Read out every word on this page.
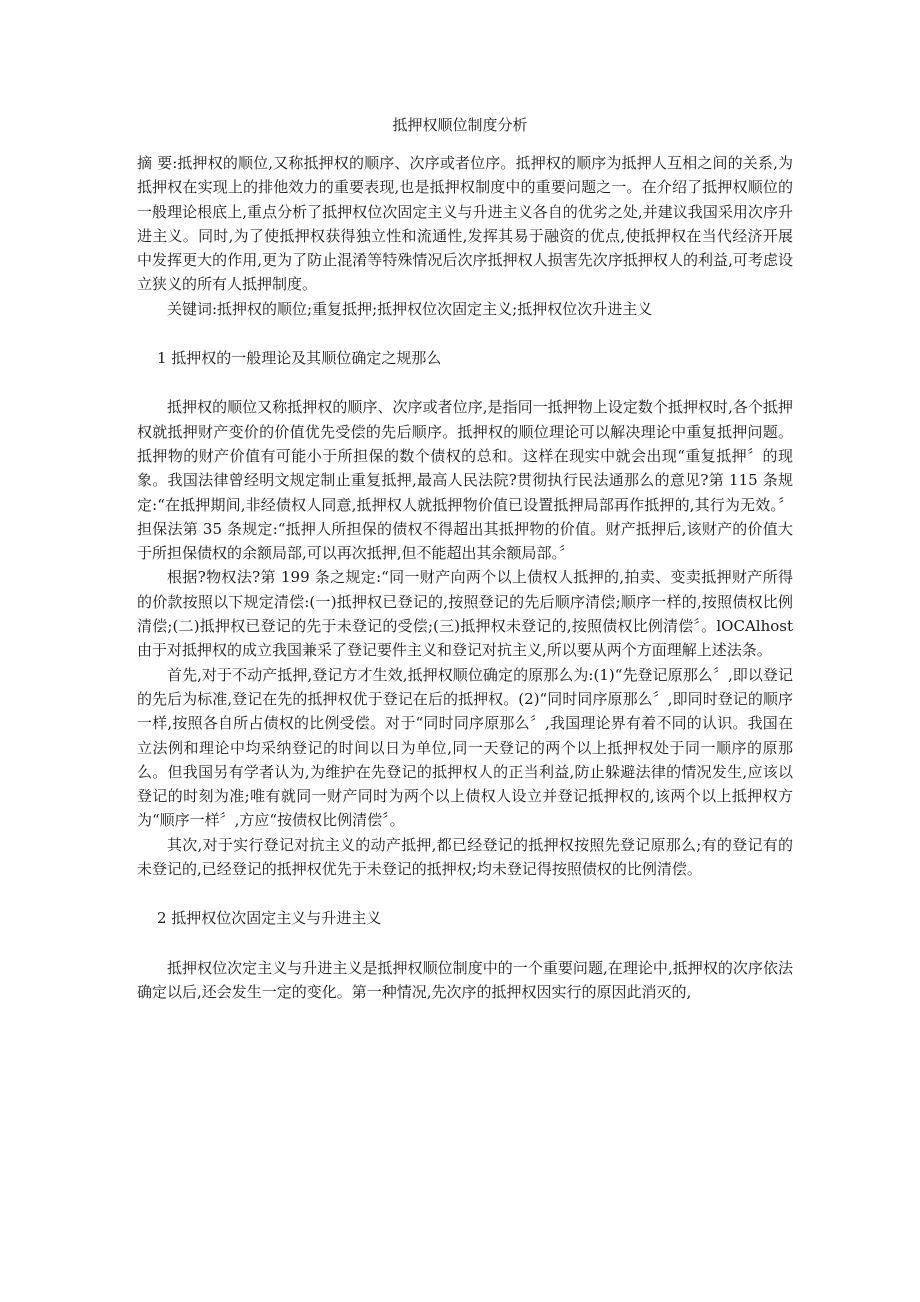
抵押权顺位制度分析

摘 要:抵押权的顺位,又称抵押权的顺序、次序或者位序。抵押权的顺序为抵押人互相之间的关系,为抵押权在实现上的排他效力的重要表现,也是抵押权制度中的重要问题之一。在介绍了抵押权顺位的一般理论根底上,重点分析了抵押权位次固定主义与升进主义各自的优劣之处,并建议我国采用次序升进主义。同时,为了使抵押权获得独立性和流通性,发挥其易于融资的优点,使抵押权在当代经济开展中发挥更大的作用,更为了防止混淆等特殊情况后次序抵押权人损害先次序抵押权人的利益,可考虑设立狭义的所有人抵押制度。

关键词:抵押权的顺位;重复抵押;抵押权位次固定主义;抵押权位次升进主义

1 抵押权的一般理论及其顺位确定之规那么

抵押权的顺位又称抵押权的顺序、次序或者位序,是指同一抵押物上设定数个抵押权时,各个抵押权就抵押财产变价的价值优先受偿的先后顺序。抵押权的顺位理论可以解决理论中重复抵押问题。抵押物的财产价值有可能小于所担保的数个债权的总和。这样在现实中就会出现“重复抵押〞的现象。我国法律曾经明文规定制止重复抵押,最高人民法院?贯彻执行民法通那么的意见?第 115 条规定:“在抵押期间,非经债权人同意,抵押权人就抵押物价值已设置抵押局部再作抵押的,其行为无效。〞担保法第 35 条规定:“抵押人所担保的债权不得超出其抵押物的价值。财产抵押后,该财产的价值大于所担保债权的余额局部,可以再次抵押,但不能超出其余额局部。〞

根据?物权法?第 199 条之规定:“同一财产向两个以上债权人抵押的,拍卖、变卖抵押财产所得的价款按照以下规定清偿:(一)抵押权已登记的,按照登记的先后顺序清偿;顺序一样的,按照债权比例清偿;(二)抵押权已登记的先于未登记的受偿;(三)抵押权未登记的,按照债权比例清偿〞。lOCAlhost 由于对抵押权的成立我国兼采了登记要件主义和登记对抗主义,所以要从两个方面理解上述法条。

首先,对于不动产抵押,登记方才生效,抵押权顺位确定的原那么为:(1)“先登记原那么〞,即以登记的先后为标准,登记在先的抵押权优于登记在后的抵押权。(2)“同时同序原那么〞,即同时登记的顺序一样,按照各自所占债权的比例受偿。对于“同时同序原那么〞,我国理论界有着不同的认识。我国在立法例和理论中均采纳登记的时间以日为单位,同一天登记的两个以上抵押权处于同一顺序的原那么。但我国另有学者认为,为维护在先登记的抵押权人的正当利益,防止躲避法律的情况发生,应该以登记的时刻为准;唯有就同一财产同时为两个以上债权人设立并登记抵押权的,该两个以上抵押权方为“顺序一样〞,方应“按债权比例清偿〞。

其次,对于实行登记对抗主义的动产抵押,都已经登记的抵押权按照先登记原那么;有的登记有的未登记的,已经登记的抵押权优先于未登记的抵押权;均未登记得按照债权的比例清偿。

2 抵押权位次固定主义与升进主义

抵押权位次定主义与升进主义是抵押权顺位制度中的一个重要问题,在理论中,抵押权的次序依法确定以后,还会发生一定的变化。第一种情况,先次序的抵押权因实行的原因此消灭的,
